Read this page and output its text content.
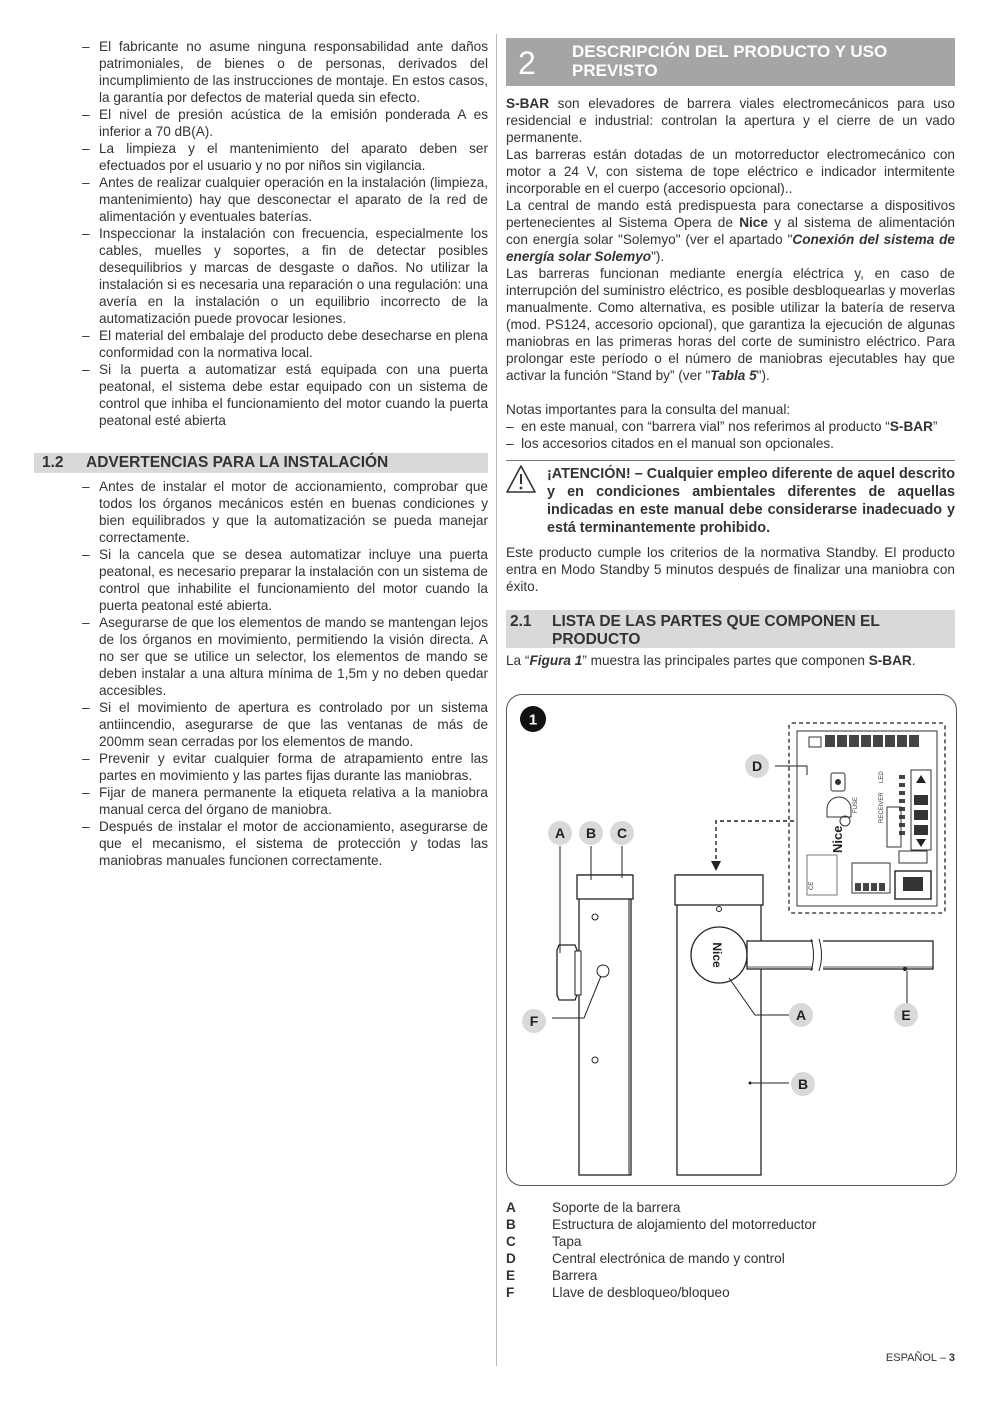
– El fabricante no asume ninguna responsabilidad ante daños patrimoniales, de bienes o de personas, derivados del incumplimiento de las instrucciones de montaje. En estos casos, la garantía por defectos de material queda sin efecto.
– El nivel de presión acústica de la emisión ponderada A es inferior a 70 dB(A).
– La limpieza y el mantenimiento del aparato deben ser efectuados por el usuario y no por niños sin vigilancia.
– Antes de realizar cualquier operación en la instalación (limpieza, mantenimiento) hay que desconectar el aparato de la red de alimentación y eventuales baterías.
– Inspeccionar la instalación con frecuencia, especialmente los cables, muelles y soportes, a fin de detectar posibles desequilibrios y marcas de desgaste o daños. No utilizar la instalación si es necesaria una reparación o una regulación: una avería en la instalación o un equilibrio incorrecto de la automatización puede provocar lesiones.
– El material del embalaje del producto debe desecharse en plena conformidad con la normativa local.
– Si la puerta a automatizar está equipada con una puerta peatonal, el sistema debe estar equipado con un sistema de control que inhiba el funcionamiento del motor cuando la puerta peatonal esté abierta
1.2 ADVERTENCIAS PARA LA INSTALACIÓN
– Antes de instalar el motor de accionamiento, comprobar que todos los órganos mecánicos estén en buenas condiciones y bien equilibrados y que la automatización se pueda manejar correctamente.
– Si la cancela que se desea automatizar incluye una puerta peatonal, es necesario preparar la instalación con un sistema de control que inhabilite el funcionamiento del motor cuando la puerta peatonal esté abierta.
– Asegurarse de que los elementos de mando se mantengan lejos de los órganos en movimiento, permitiendo la visión directa. A no ser que se utilice un selector, los elementos de mando se deben instalar a una altura mínima de 1,5m y no deben quedar accesibles.
– Si el movimiento de apertura es controlado por un sistema antiincendio, asegurarse de que las ventanas de más de 200mm sean cerradas por los elementos de mando.
– Prevenir y evitar cualquier forma de atrapamiento entre las partes en movimiento y las partes fijas durante las maniobras.
– Fijar de manera permanente la etiqueta relativa a la maniobra manual cerca del órgano de maniobra.
– Después de instalar el motor de accionamiento, asegurarse de que el mecanismo, el sistema de protección y todas las maniobras manuales funcionen correctamente.
2 DESCRIPCIÓN DEL PRODUCTO Y USO PREVISTO

S-BAR son elevadores de barrera viales electromecánicos para uso residencial e industrial: controlan la apertura y el cierre de un vado permanente.

Las barreras están dotadas de un motorreductor electromecánico con motor a 24 V, con sistema de tope eléctrico e indicador intermitente incorporable en el cuerpo (accesorio opcional)..

La central de mando está predispuesta para conectarse a dispositivos pertenecientes al Sistema Opera de Nice y al sistema de alimentación con energía solar "Solemyo" (ver el apartado "Conexión del sistema de energía solar Solemyo").

Las barreras funcionan mediante energía eléctrica y, en caso de interrupción del suministro eléctrico, es posible desbloquearlas y moverlas manualmente. Como alternativa, es posible utilizar la batería de reserva (mod. PS124, accesorio opcional), que garantiza la ejecución de algunas maniobras en las primeras horas del corte de suministro eléctrico. Para prolongar este período o el número de maniobras ejecutables hay que activar la función “Stand by” (ver "Tabla 5").

Notas importantes para la consulta del manual:

–  en este manual, con “barrera vial” nos referimos al producto “S-BAR”
–  los accesorios citados en el manual son opcionales.
¡ATENCIÓN! – Cualquier empleo diferente de aquel descrito y en condiciones ambientales diferentes de aquellas indicadas en este manual debe considerarse inadecuado y está terminantemente prohibido.

Este producto cumple los criterios de la normativa Standby. El producto entra en Modo Standby 5 minutos después de finalizar una maniobra con éxito.

2.1 LISTA DE LAS PARTES QUE COMPONEN EL PRODUCTO

La “Figura 1” muestra las principales partes que componen S-BAR.

1
FUSE	RECEIVER
LED
Nice
CE
Nice
A B C
D
F	A	E
B
A	Soporte de la barrera
B	Estructura de alojamiento del motorreductor
C	Tapa
D	Central electrónica de mando y control
E	Barrera
F	Llave de desbloqueo/bloqueo
ESPAÑOL – 3
